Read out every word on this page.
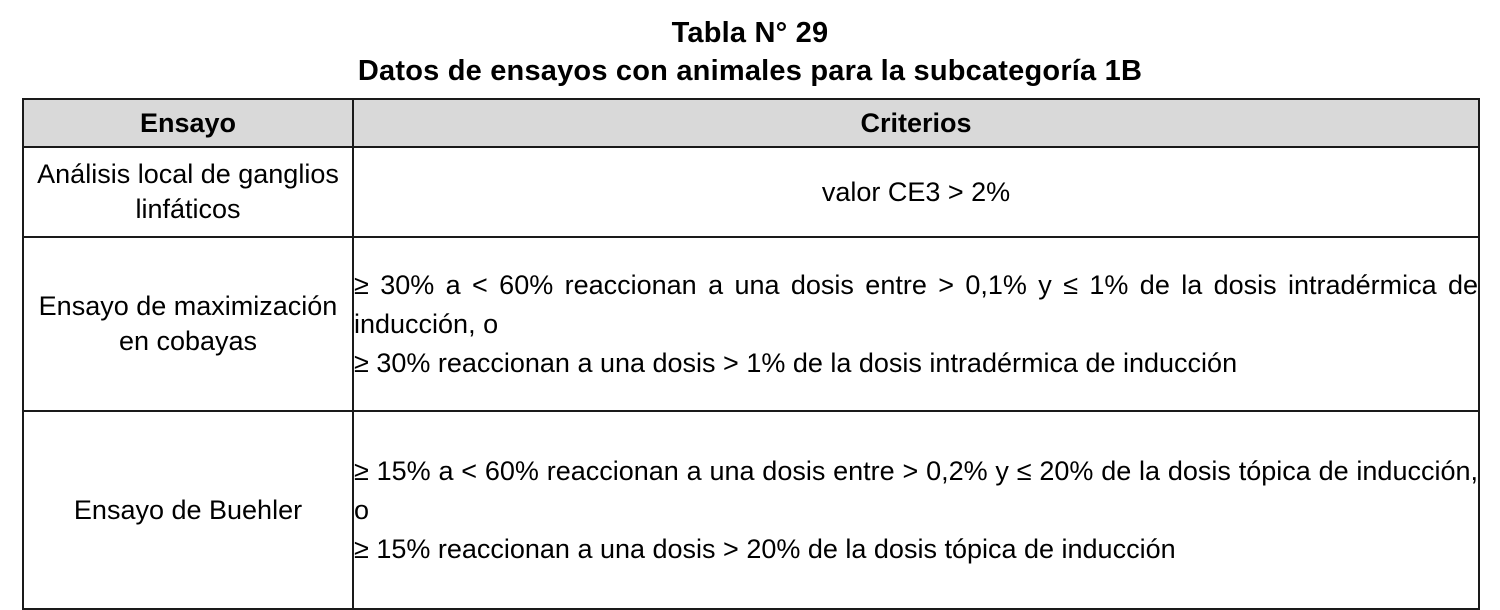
Tabla N° 29
Datos de ensayos con animales para la subcategoría 1B
Ensayo	Criterios
Análisis local de ganglios linfáticos	valor CE3 > 2%

Ensayo de maximización en cobayas	≥ 30% a < 60% reaccionan a una dosis entre > 0,1% y ≤ 1% de la dosis intradérmica de inducción, o

≥ 30% reaccionan a una dosis > 1% de la dosis intradérmica de inducción

Ensayo de Buehler	≥ 15% a < 60% reaccionan a una dosis entre > 0,2% y ≤ 20% de la dosis tópica de inducción, o

≥ 15% reaccionan a una dosis > 20% de la dosis tópica de inducción
